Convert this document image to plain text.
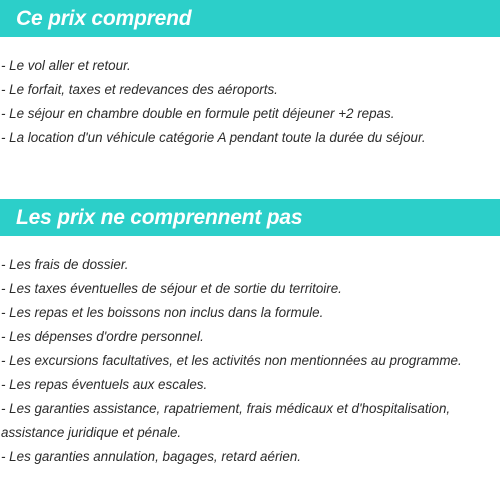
Ce prix comprend
- Le vol aller et retour.
- Le forfait, taxes et redevances des aéroports.
- Le séjour en chambre double en formule petit déjeuner +2 repas.
- La location d'un véhicule catégorie A pendant toute la durée du séjour.
Les prix ne comprennent pas
- Les frais de dossier.
- Les taxes éventuelles de séjour et de sortie du territoire.
- Les repas et les boissons non inclus dans la formule.
- Les dépenses d'ordre personnel.
- Les excursions facultatives, et les activités non mentionnées au programme.
- Les repas éventuels aux escales.
- Les garanties assistance, rapatriement, frais médicaux et d'hospitalisation, assistance juridique et pénale.
- Les garanties annulation, bagages, retard aérien.
